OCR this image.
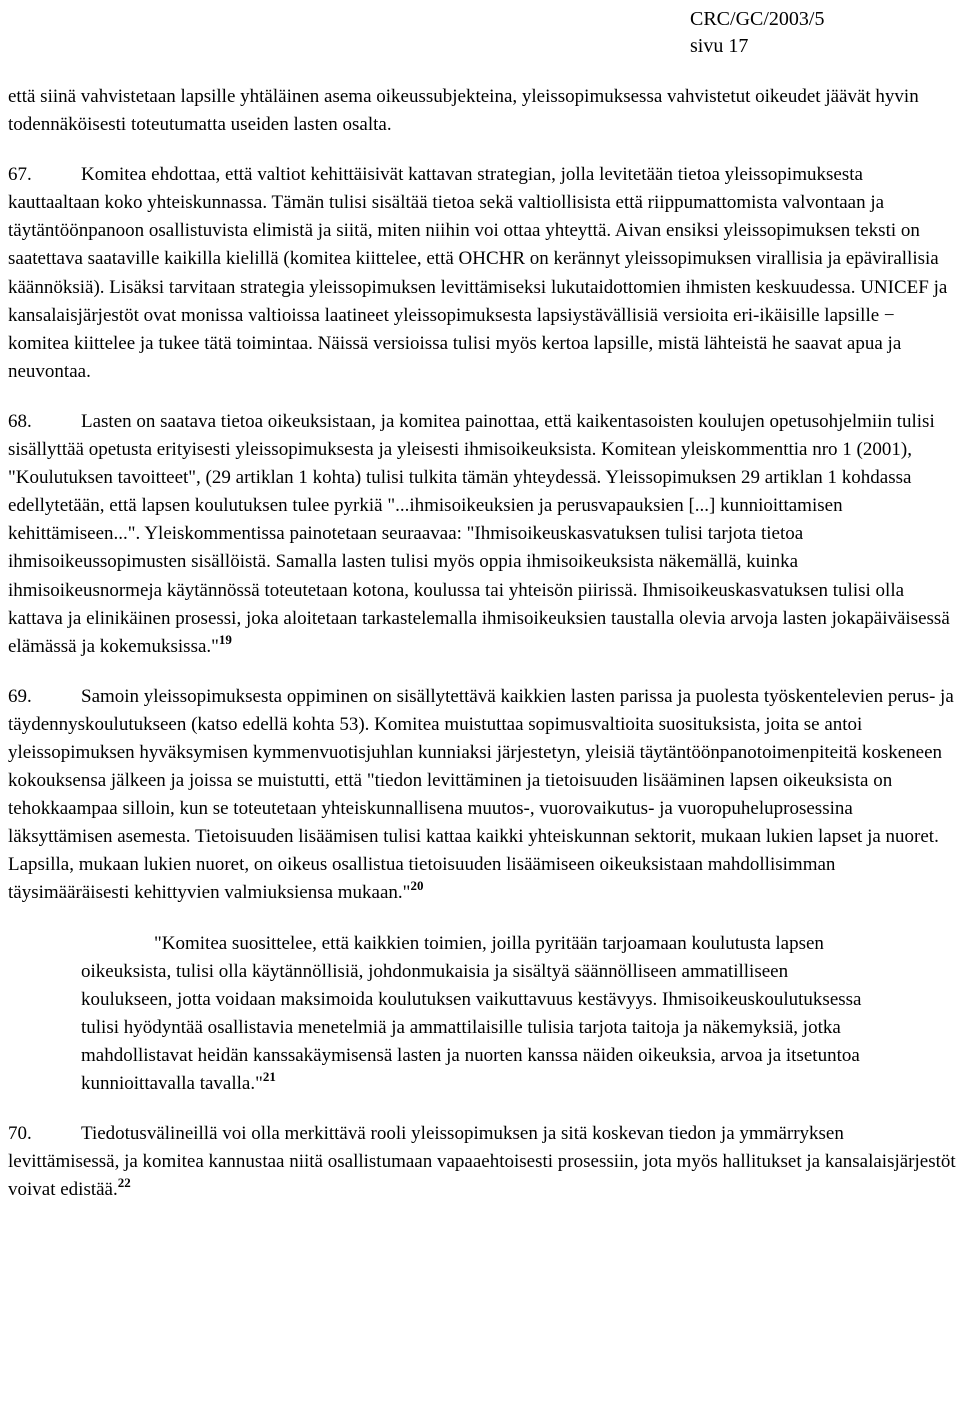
CRC/GC/2003/5
sivu 17

että siinä vahvistetaan lapsille yhtäläinen asema oikeussubjekteina, yleissopimuksessa vahvistetut oikeudet jäävät hyvin todennäköisesti toteutumatta useiden lasten osalta.

67.	Komitea ehdottaa, että valtiot kehittäisivät kattavan strategian, jolla levitetään tietoa yleissopimuksesta kauttaaltaan koko yhteiskunnassa. Tämän tulisi sisältää tietoa sekä valtiollisista että riippumattomista valvontaan ja täytäntöönpanoon osallistuvista elimistä ja siitä, miten niihin voi ottaa yhteyttä. Aivan ensiksi yleissopimuksen teksti on saatettava saataville kaikilla kielillä (komitea kiittelee, että OHCHR on kerännyt yleissopimuksen virallisia ja epävirallisia käännöksiä). Lisäksi tarvitaan strategia yleissopimuksen levittämiseksi lukutaidottomien ihmisten keskuudessa. UNICEF ja kansalaisjärjestöt ovat monissa valtioissa laatineet yleissopimuksesta lapsiystävällisiä versioita eri-ikäisille lapsille − komitea kiittelee ja tukee tätä toimintaa. Näissä versioissa tulisi myös kertoa lapsille, mistä lähteistä he saavat apua ja neuvontaa.

68.	Lasten on saatava tietoa oikeuksistaan, ja komitea painottaa, että kaikentasoisten koulujen opetusohjelmiin tulisi sisällyttää opetusta erityisesti yleissopimuksesta ja yleisesti ihmisoikeuksista. Komitean yleiskommenttia nro 1 (2001), "Koulutuksen tavoitteet", (29 artiklan 1 kohta) tulisi tulkita tämän yhteydessä. Yleissopimuksen 29 artiklan 1 kohdassa edellytetään, että lapsen koulutuksen tulee pyrkiä "...ihmisoikeuksien ja perusvapauksien [...] kunnioittamisen kehittämiseen...". Yleiskommentissa painotetaan seuraavaa: "Ihmisoikeuskasvatuksen tulisi tarjota tietoa ihmisoikeussopimusten sisällöistä. Samalla lasten tulisi myös oppia ihmisoikeuksista näkemällä, kuinka ihmisoikeusnormeja käytännössä toteutetaan kotona, koulussa tai yhteisön piirissä. Ihmisoikeuskasvatuksen tulisi olla kattava ja elinikäinen prosessi, joka aloitetaan tarkastelemalla ihmisoikeuksien taustalla olevia arvoja lasten jokapäiväisessä elämässä ja kokemuksissa."$^{19}$

69.	Samoin yleissopimuksesta oppiminen on sisällytettävä kaikkien lasten parissa ja puolesta työskentelevien perus- ja täydennyskoulutukseen (katso edellä kohta 53). Komitea muistuttaa sopimusvaltioita suosituksista, joita se antoi yleissopimuksen hyväksymisen kymmenvuotisjuhlan kunniaksi järjestetyn, yleisiä täytäntöönpanotoimenpiteitä koskeneen kokouksensa jälkeen ja joissa se muistutti, että "tiedon levittäminen ja tietoisuuden lisääminen lapsen oikeuksista on tehokkaampaa silloin, kun se toteutetaan yhteiskunnallisena muutos-, vuorovaikutus- ja vuoropuheluprosessina läksyttämisen asemesta. Tietoisuuden lisäämisen tulisi kattaa kaikki yhteiskunnan sektorit, mukaan lukien lapset ja nuoret. Lapsilla, mukaan lukien nuoret, on oikeus osallistua tietoisuuden lisäämiseen oikeuksistaan mahdollisimman täysimääräisesti kehittyvien valmiuksiensa mukaan."$^{20}$

"Komitea suosittelee, että kaikkien toimien, joilla pyritään tarjoamaan koulutusta lapsen oikeuksista, tulisi olla käytännöllisiä, johdonmukaisia ja sisältyä säännölliseen ammatilliseen koulukseen, jotta voidaan maksimoida koulutuksen vaikuttavuus kestävyys. Ihmisoikeuskoulutuksessa tulisi hyödyntää osallistavia menetelmiä ja ammattilaisille tulisia tarjota taitoja ja näkemyksiä, jotka mahdollistavat heidän kanssakäymisensä lasten ja nuorten kanssa näiden oikeuksia, arvoa ja itsetuntoa kunnioittavalla tavalla."$^{21}$

70.	Tiedotusvälineillä voi olla merkittävä rooli yleissopimuksen ja sitä koskevan tiedon ja ymmärryksen levittämisessä, ja komitea kannustaa niitä osallistumaan vapaaehtoisesti prosessiin, jota myös hallitukset ja kansalaisjärjestöt voivat edistää.$^{22}$
